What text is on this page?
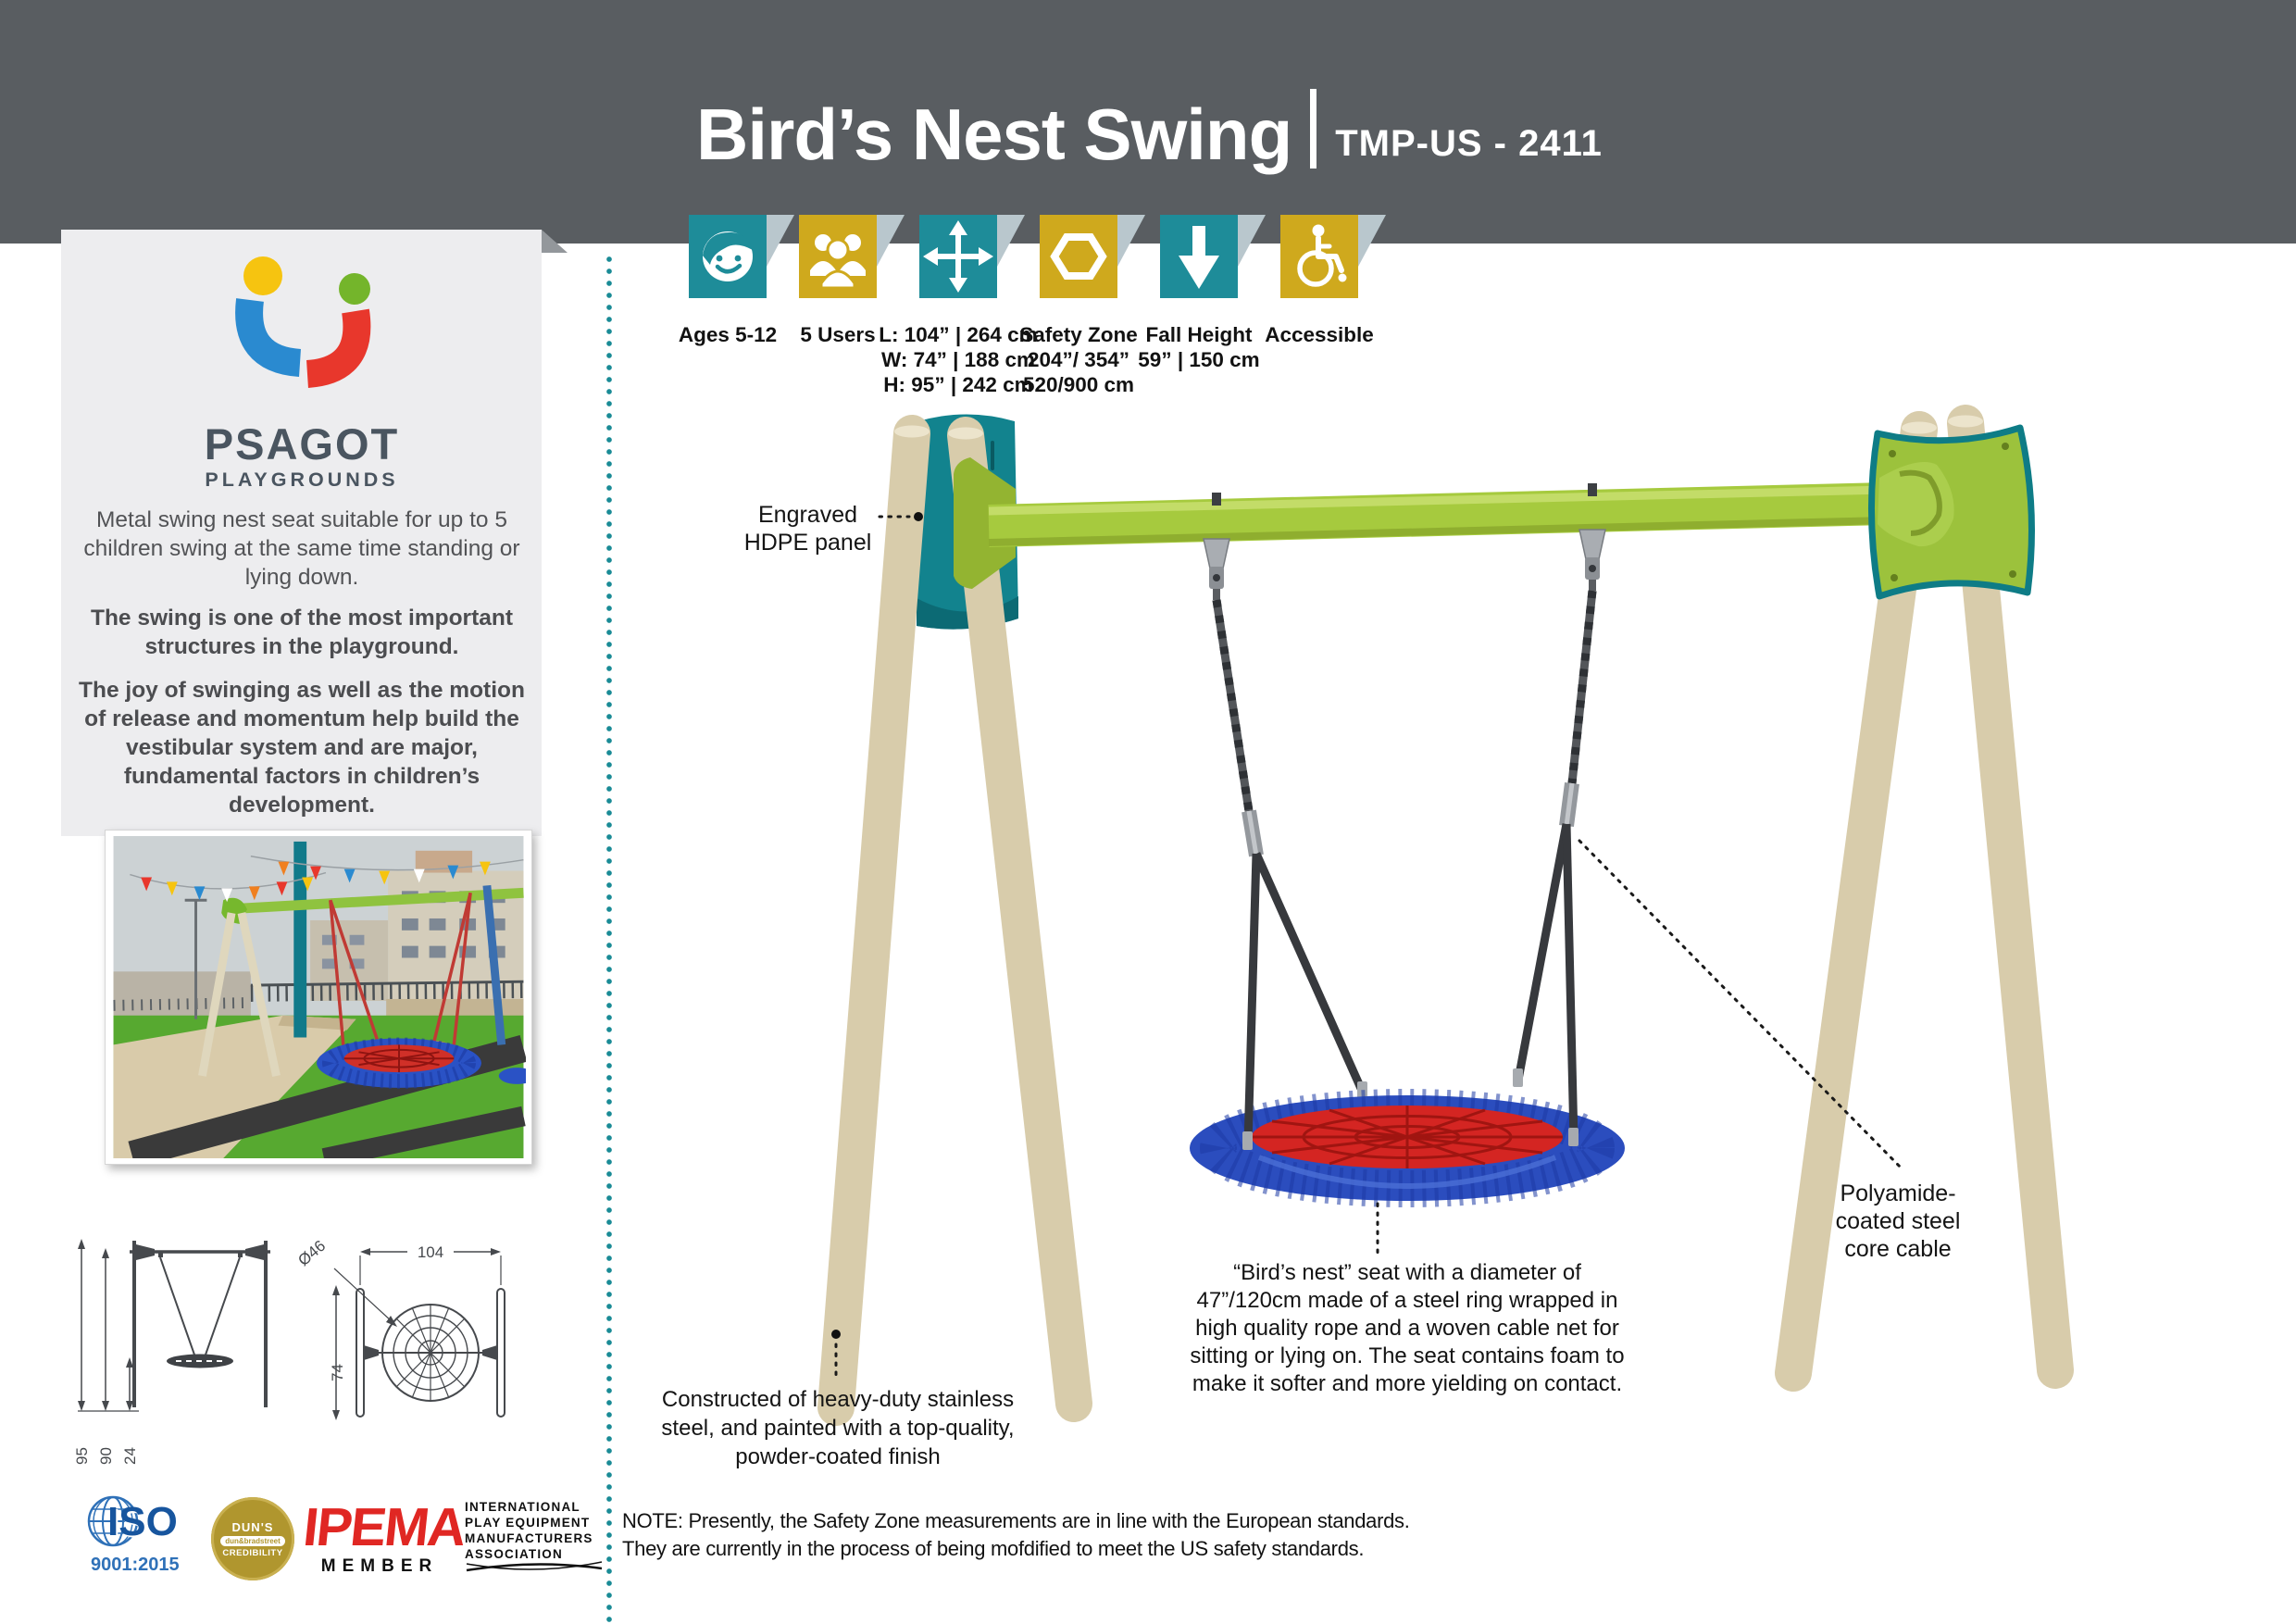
Bird’s Nest Swing TMP-US - 2411
PSAGOT
PLAYGROUNDS
Metal swing nest seat suitable for up to 5 children swing at the same time standing or lying down.
The swing is one of the most important structures in the playground.
The joy of swinging as well as the motion of release and momentum help build the vestibular system and are major, fundamental factors in children’s development.
Ages 5-12	5 Users L: 104” | 264 cm
W: 74” | 188 cm
H: 95” | 242 cm
Safety Zone
204”/ 354”
520/900 cm
Fall Height
59” | 150 cm
Accessible
95 90 24
104
74
Ø46
ISO
9001:2015
DUN'S
dun&bradstreet
CREDIBILITY IPEMA
MEMBER
INTERNATIONAL
PLAY EQUIPMENT
MANUFACTURERS
ASSOCIATION
Engraved HDPE panel
“Bird’s nest” seat with a diameter of 47”/120cm made of a steel ring wrapped in high quality rope and a woven cable net for sitting or lying on. The seat contains foam to make it softer and more yielding on contact.
Polyamide-coated steel core cable
Constructed of heavy-duty stainless steel, and painted with a top-quality, powder-coated finish
NOTE: Presently, the Safety Zone measurements are in line with the European standards.
They are currently in the process of being mofdified to meet the US safety standards.
